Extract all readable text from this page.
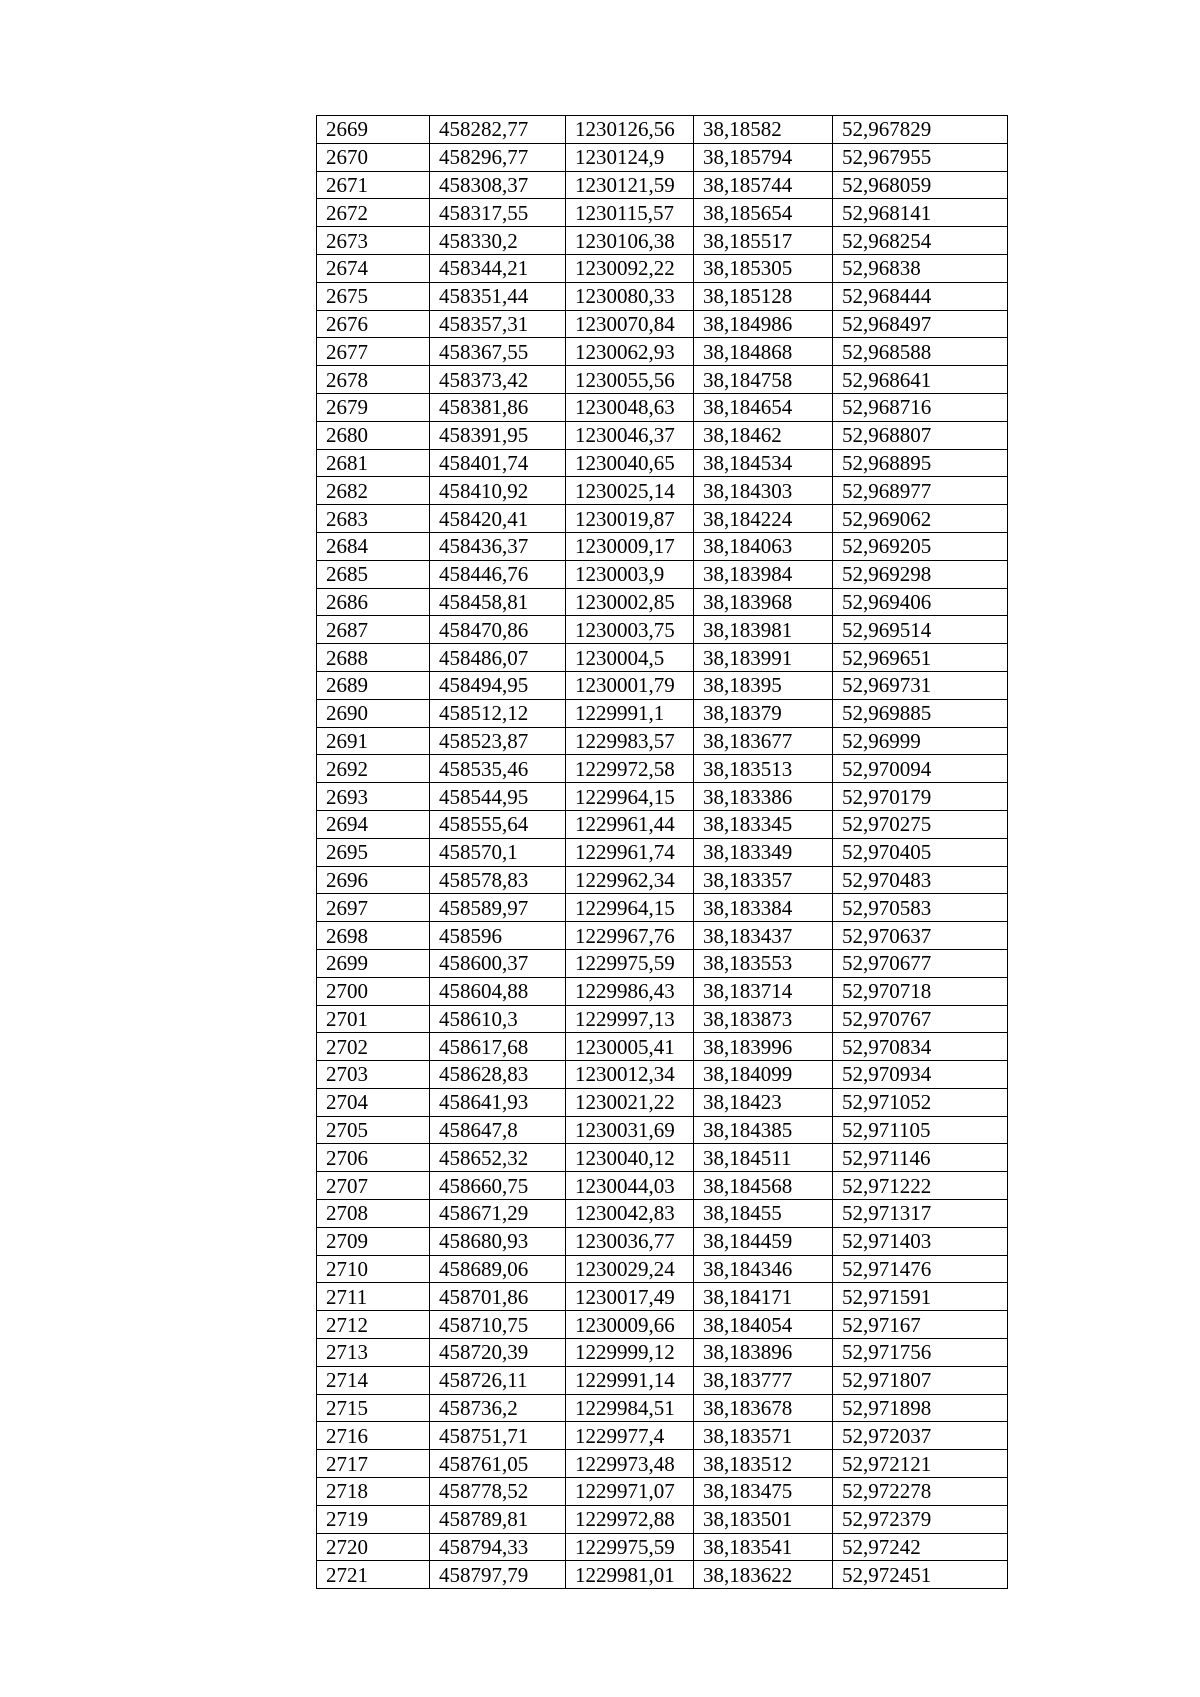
2669	458282,77	1230126,56	38,18582	52,967829
2670	458296,77	1230124,9	38,185794	52,967955
2671	458308,37	1230121,59	38,185744	52,968059
2672	458317,55	1230115,57	38,185654	52,968141
2673	458330,2	1230106,38	38,185517	52,968254
2674	458344,21	1230092,22	38,185305	52,96838
2675	458351,44	1230080,33	38,185128	52,968444
2676	458357,31	1230070,84	38,184986	52,968497
2677	458367,55	1230062,93	38,184868	52,968588
2678	458373,42	1230055,56	38,184758	52,968641
2679	458381,86	1230048,63	38,184654	52,968716
2680	458391,95	1230046,37	38,18462	52,968807
2681	458401,74	1230040,65	38,184534	52,968895
2682	458410,92	1230025,14	38,184303	52,968977
2683	458420,41	1230019,87	38,184224	52,969062
2684	458436,37	1230009,17	38,184063	52,969205
2685	458446,76	1230003,9	38,183984	52,969298
2686	458458,81	1230002,85	38,183968	52,969406
2687	458470,86	1230003,75	38,183981	52,969514
2688	458486,07	1230004,5	38,183991	52,969651
2689	458494,95	1230001,79	38,18395	52,969731
2690	458512,12	1229991,1	38,18379	52,969885
2691	458523,87	1229983,57	38,183677	52,96999
2692	458535,46	1229972,58	38,183513	52,970094
2693	458544,95	1229964,15	38,183386	52,970179
2694	458555,64	1229961,44	38,183345	52,970275
2695	458570,1	1229961,74	38,183349	52,970405
2696	458578,83	1229962,34	38,183357	52,970483
2697	458589,97	1229964,15	38,183384	52,970583
2698	458596	1229967,76	38,183437	52,970637
2699	458600,37	1229975,59	38,183553	52,970677
2700	458604,88	1229986,43	38,183714	52,970718
2701	458610,3	1229997,13	38,183873	52,970767
2702	458617,68	1230005,41	38,183996	52,970834
2703	458628,83	1230012,34	38,184099	52,970934
2704	458641,93	1230021,22	38,18423	52,971052
2705	458647,8	1230031,69	38,184385	52,971105
2706	458652,32	1230040,12	38,184511	52,971146
2707	458660,75	1230044,03	38,184568	52,971222
2708	458671,29	1230042,83	38,18455	52,971317
2709	458680,93	1230036,77	38,184459	52,971403
2710	458689,06	1230029,24	38,184346	52,971476
2711	458701,86	1230017,49	38,184171	52,971591
2712	458710,75	1230009,66	38,184054	52,97167
2713	458720,39	1229999,12	38,183896	52,971756
2714	458726,11	1229991,14	38,183777	52,971807
2715	458736,2	1229984,51	38,183678	52,971898
2716	458751,71	1229977,4	38,183571	52,972037
2717	458761,05	1229973,48	38,183512	52,972121
2718	458778,52	1229971,07	38,183475	52,972278
2719	458789,81	1229972,88	38,183501	52,972379
2720	458794,33	1229975,59	38,183541	52,97242
2721	458797,79	1229981,01	38,183622	52,972451
